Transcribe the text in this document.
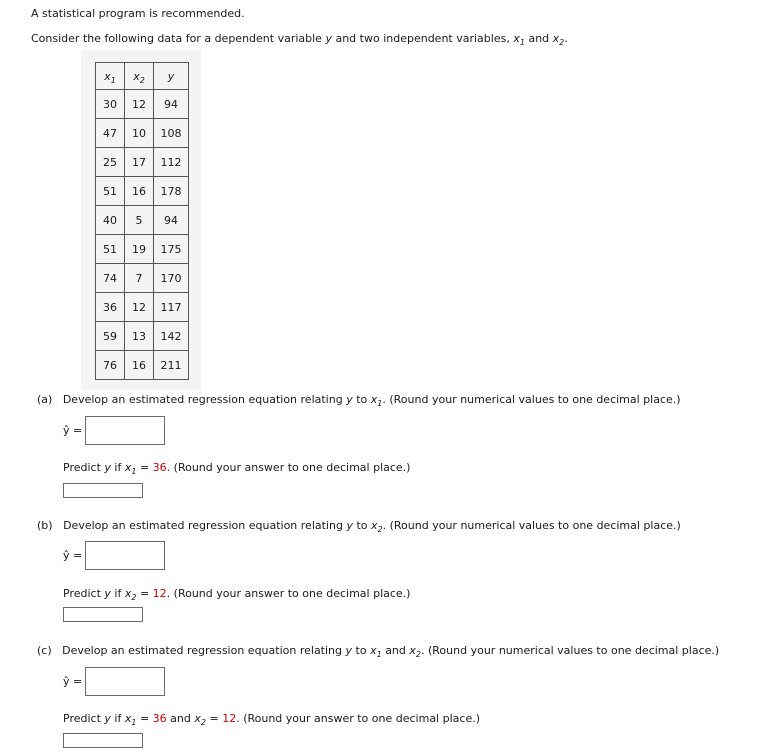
A statistical program is recommended.
Consider the following data for a dependent variable y and two independent variables, $x_1$ and $x_2$.
$x_1$	$x_2$	y
30	12	94
47	10	108
25	17	112
51	16	178
40	5	94
51	19	175
74	7	170
36	12	117
59	13	142
76	16	211
(a) Develop an estimated regression equation relating y to $x_1$. (Round your numerical values to one decimal place.)
ŷ =
Predict y if $x_1 = 36$. (Round your answer to one decimal place.)
(b) Develop an estimated regression equation relating y to $x_2$. (Round your numerical values to one decimal place.)
ŷ =
Predict y if $x_2 = 12$. (Round your answer to one decimal place.)
(c) Develop an estimated regression equation relating y to $x_1$ and $x_2$. (Round your numerical values to one decimal place.)
ŷ =
Predict y if $x_1 = 36$ and $x_2 = 12$. (Round your answer to one decimal place.)
